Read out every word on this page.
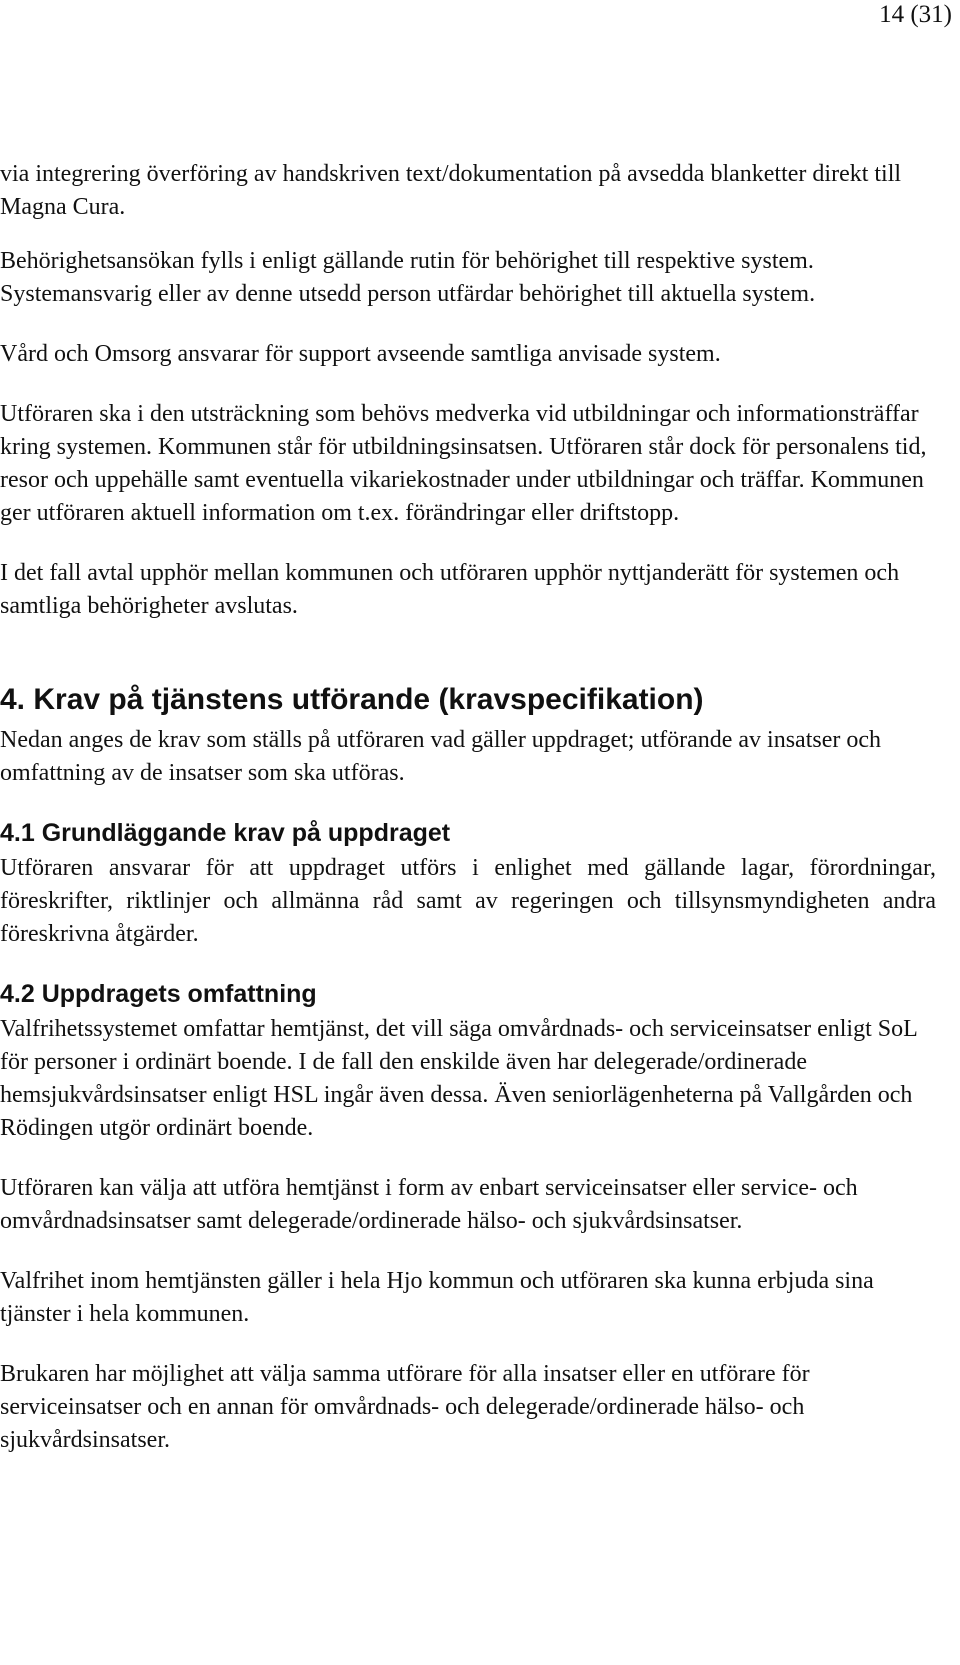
14 (31)

via integrering överföring av handskriven text/dokumentation på avsedda blanketter direkt till Magna Cura.

Behörighetsansökan fylls i enligt gällande rutin för behörighet till respektive system. Systemansvarig eller av denne utsedd person utfärdar behörighet till aktuella system.

Vård och Omsorg ansvarar för support avseende samtliga anvisade system.

Utföraren ska i den utsträckning som behövs medverka vid utbildningar och informationsträffar kring systemen. Kommunen står för utbildningsinsatsen. Utföraren står dock för personalens tid, resor och uppehälle samt eventuella vikariekostnader under utbildningar och träffar. Kommunen ger utföraren aktuell information om t.ex. förändringar eller driftstopp.

I det fall avtal upphör mellan kommunen och utföraren upphör nyttjanderätt för systemen och samtliga behörigheter avslutas.

4. Krav på tjänstens utförande (kravspecifikation)

Nedan anges de krav som ställs på utföraren vad gäller uppdraget; utförande av insatser och omfattning av de insatser som ska utföras.

4.1 Grundläggande krav på uppdraget

Utföraren ansvarar för att uppdraget utförs i enlighet med gällande lagar, förordningar, föreskrifter, riktlinjer och allmänna råd samt av regeringen och tillsynsmyndigheten andra föreskrivna åtgärder.

4.2 Uppdragets omfattning

Valfrihetssystemet omfattar hemtjänst, det vill säga omvårdnads- och serviceinsatser enligt SoL för personer i ordinärt boende. I de fall den enskilde även har delegerade/ordinerade hemsjukvårdsinsatser enligt HSL ingår även dessa. Även seniorlägenheterna på Vallgården och Rödingen utgör ordinärt boende.

Utföraren kan välja att utföra hemtjänst i form av enbart serviceinsatser eller service- och omvårdnadsinsatser samt delegerade/ordinerade hälso- och sjukvårdsinsatser.

Valfrihet inom hemtjänsten gäller i hela Hjo kommun och utföraren ska kunna erbjuda sina tjänster i hela kommunen.

Brukaren har möjlighet att välja samma utförare för alla insatser eller en utförare för serviceinsatser och en annan för omvårdnads- och delegerade/ordinerade hälso- och sjukvårdsinsatser.
